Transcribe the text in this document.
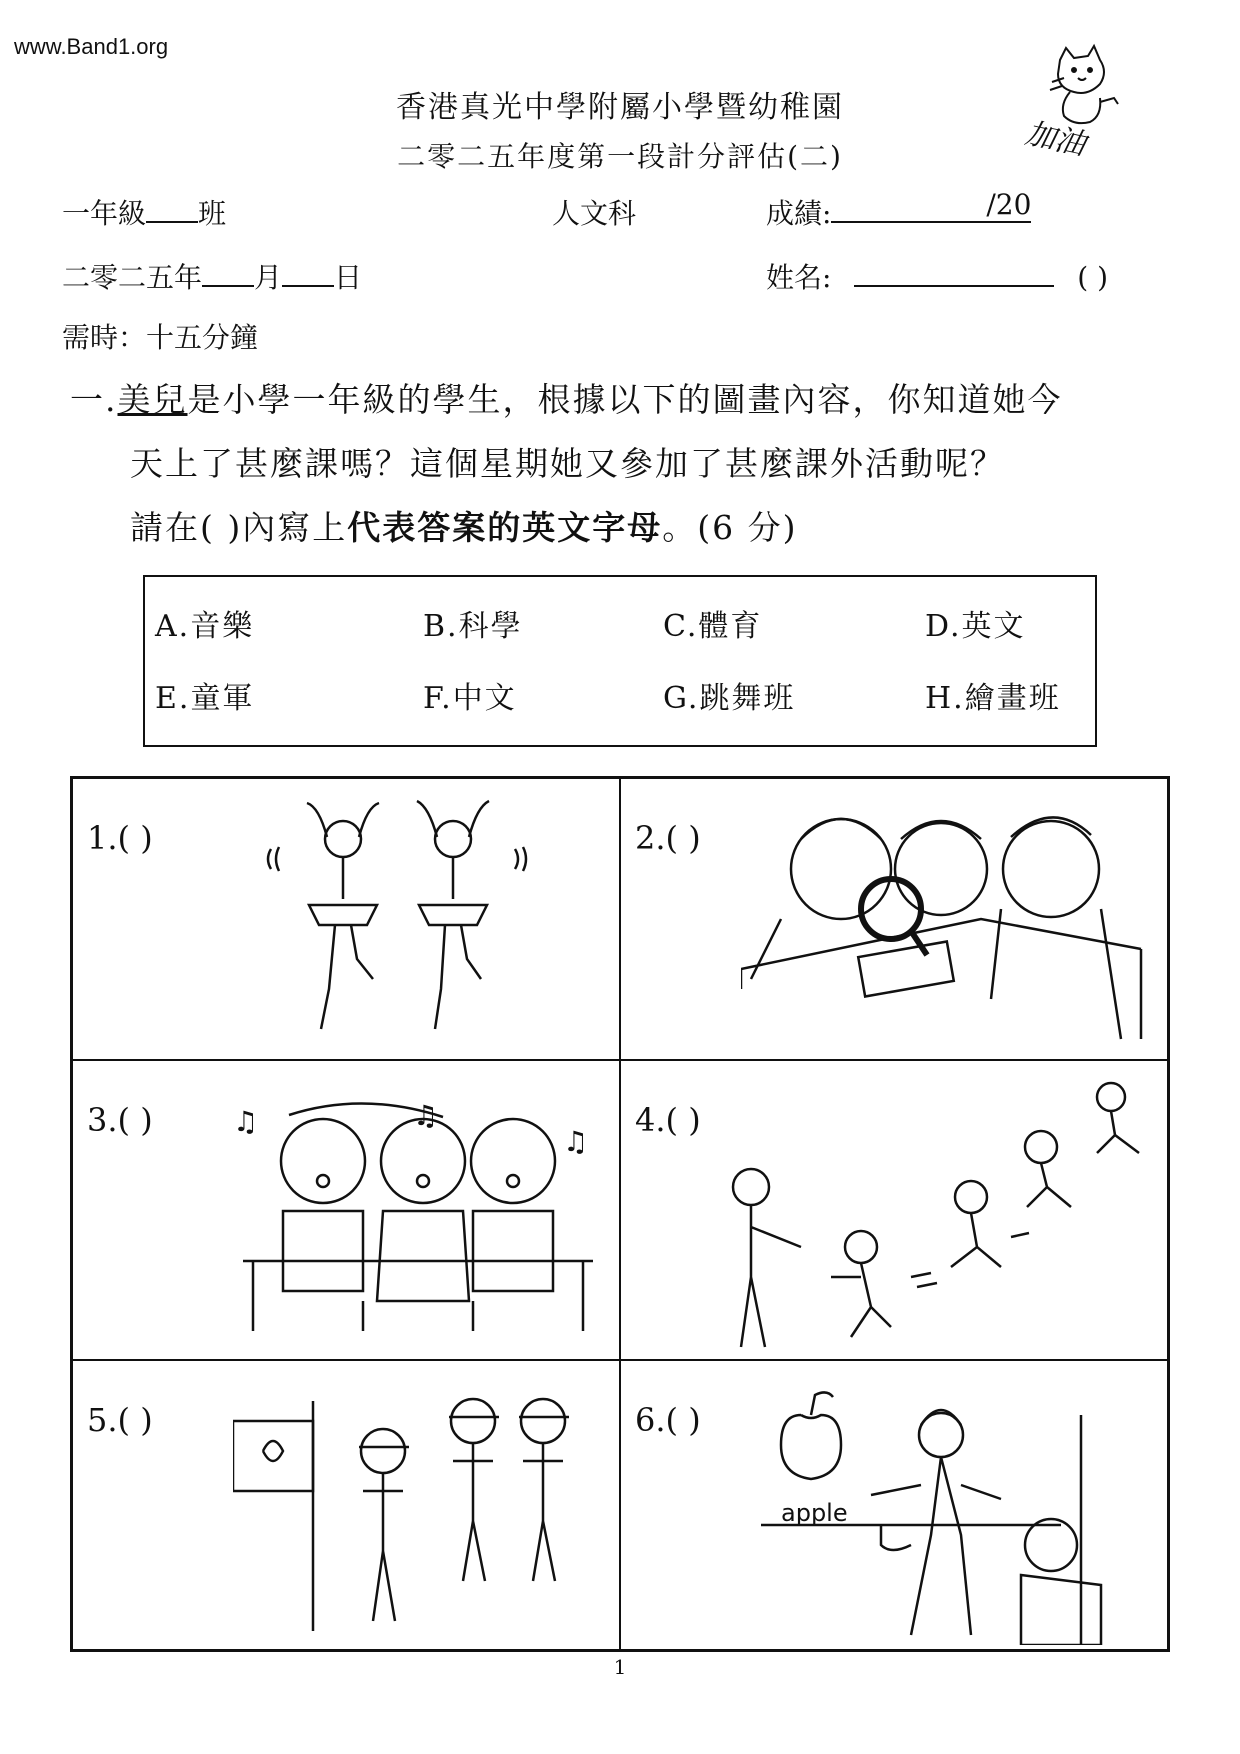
www.Band1.org
香港真光中學附屬小學暨幼稚園
二零二五年度第一段計分評估(二)	加油
一年級 班	人文科	成績:	/20
二零二五年 月 日	姓名:	( )
需時：十五分鐘
一.美兒是小學一年級的學生，根據以下的圖畫內容，你知道她今
天上了甚麼課嗎？這個星期她又參加了甚麼課外活動呢？
請在( )內寫上代表答案的英文字母。(6 分)
A.音樂	B.科學	C.體育	D.英文
E.童軍	F.中文	G.跳舞班	H.繪畫班
1.( )	2.( )
3.( )	♫	♫
♫
4.( )
5.( )	6.( )
apple
1
